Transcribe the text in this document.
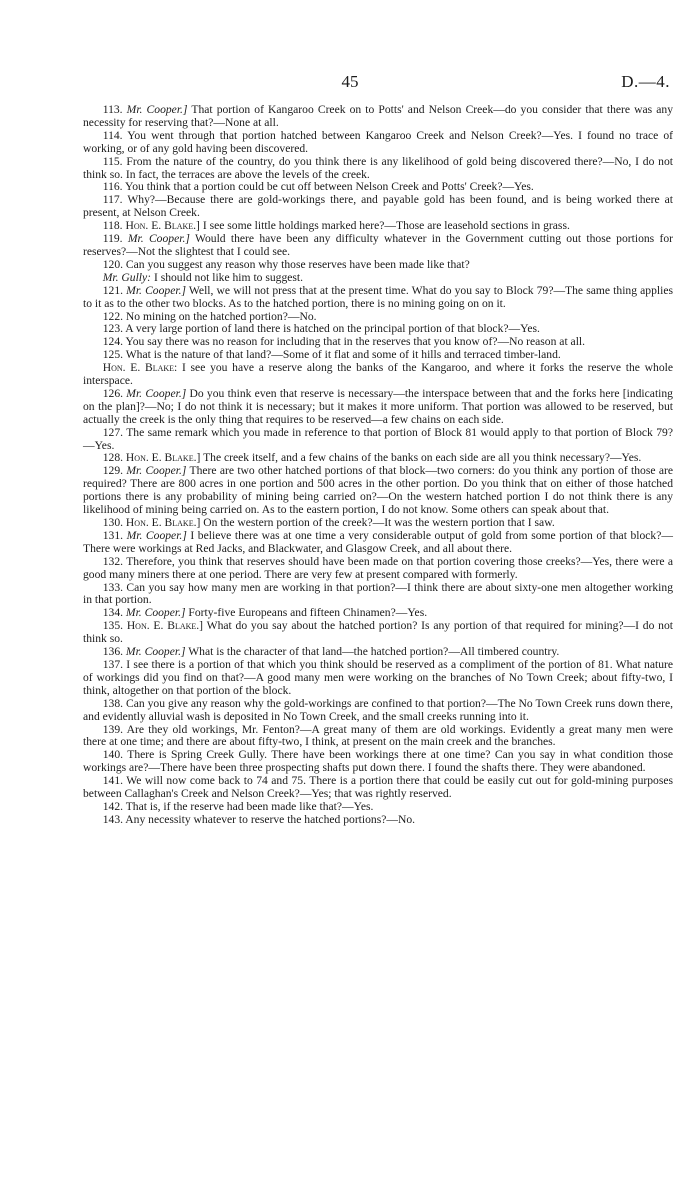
45	D.—4.

113. Mr. Cooper.] That portion of Kangaroo Creek on to Potts' and Nelson Creek—do you consider that there was any necessity for reserving that?—None at all.

114. You went through that portion hatched between Kangaroo Creek and Nelson Creek?—Yes. I found no trace of working, or of any gold having been discovered.

115. From the nature of the country, do you think there is any likelihood of gold being discovered there?—No, I do not think so. In fact, the terraces are above the levels of the creek.

116. You think that a portion could be cut off between Nelson Creek and Potts' Creek?—Yes.

117. Why?—Because there are gold-workings there, and payable gold has been found, and is being worked there at present, at Nelson Creek.

118. Hon. E. Blake.] I see some little holdings marked here?—Those are leasehold sections in grass.

119. Mr. Cooper.] Would there have been any difficulty whatever in the Government cutting out those portions for reserves?—Not the slightest that I could see.

120. Can you suggest any reason why those reserves have been made like that?

Mr. Gully: I should not like him to suggest.

121. Mr. Cooper.] Well, we will not press that at the present time. What do you say to Block 79?—The same thing applies to it as to the other two blocks. As to the hatched portion, there is no mining going on on it.

122. No mining on the hatched portion?—No.

123. A very large portion of land there is hatched on the principal portion of that block?—Yes.

124. You say there was no reason for including that in the reserves that you know of?—No reason at all.

125. What is the nature of that land?—Some of it flat and some of it hills and terraced timber-land.

Hon. E. Blake: I see you have a reserve along the banks of the Kangaroo, and where it forks the reserve the whole interspace.

126. Mr. Cooper.] Do you think even that reserve is necessary—the interspace between that and the forks here [indicating on the plan]?—No; I do not think it is necessary; but it makes it more uniform. That portion was allowed to be reserved, but actually the creek is the only thing that requires to be reserved—a few chains on each side.

127. The same remark which you made in reference to that portion of Block 81 would apply to that portion of Block 79?—Yes.

128. Hon. E. Blake.] The creek itself, and a few chains of the banks on each side are all you think necessary?—Yes.

129. Mr. Cooper.] There are two other hatched portions of that block—two corners: do you think any portion of those are required? There are 800 acres in one portion and 500 acres in the other portion. Do you think that on either of those hatched portions there is any probability of mining being carried on?—On the western hatched portion I do not think there is any likelihood of mining being carried on. As to the eastern portion, I do not know. Some others can speak about that.

130. Hon. E. Blake.] On the western portion of the creek?—It was the western portion that I saw.

131. Mr. Cooper.] I believe there was at one time a very considerable output of gold from some portion of that block?—There were workings at Red Jacks, and Blackwater, and Glasgow Creek, and all about there.

132. Therefore, you think that reserves should have been made on that portion covering those creeks?—Yes, there were a good many miners there at one period. There are very few at present compared with formerly.

133. Can you say how many men are working in that portion?—I think there are about sixty-one men altogether working in that portion.

134. Mr. Cooper.] Forty-five Europeans and fifteen Chinamen?—Yes.

135. Hon. E. Blake.] What do you say about the hatched portion? Is any portion of that required for mining?—I do not think so.

136. Mr. Cooper.] What is the character of that land—the hatched portion?—All timbered country.

137. I see there is a portion of that which you think should be reserved as a compliment of the portion of 81. What nature of workings did you find on that?—A good many men were working on the branches of No Town Creek; about fifty-two, I think, altogether on that portion of the block.

138. Can you give any reason why the gold-workings are confined to that portion?—The No Town Creek runs down there, and evidently alluvial wash is deposited in No Town Creek, and the small creeks running into it.

139. Are they old workings, Mr. Fenton?—A great many of them are old workings. Evidently a great many men were there at one time; and there are about fifty-two, I think, at present on the main creek and the branches.

140. There is Spring Creek Gully. There have been workings there at one time? Can you say in what condition those workings are?—There have been three prospecting shafts put down there. I found the shafts there. They were abandoned.

141. We will now come back to 74 and 75. There is a portion there that could be easily cut out for gold-mining purposes between Callaghan's Creek and Nelson Creek?—Yes; that was rightly reserved.

142. That is, if the reserve had been made like that?—Yes.

143. Any necessity whatever to reserve the hatched portions?—No.
